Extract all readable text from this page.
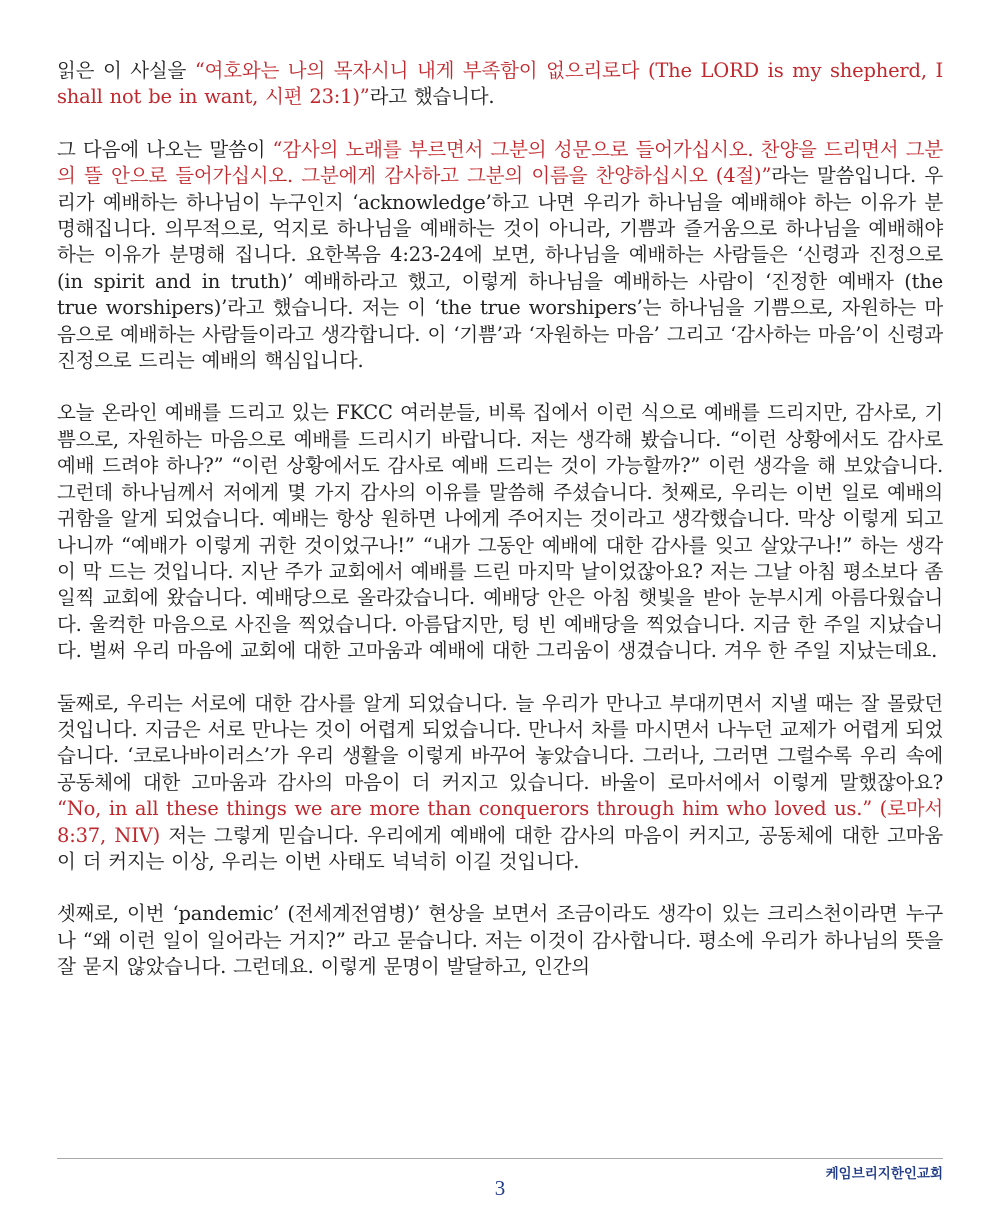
읽은 이 사실을 “여호와는 나의 목자시니 내게 부족함이 없으리로다 (The LORD is my shepherd, I shall not be in want, 시편 23:1)”라고 했습니다.

그 다음에 나오는 말씀이 “감사의 노래를 부르면서 그분의 성문으로 들어가십시오. 찬양을 드리면서 그분의 뜰 안으로 들어가십시오. 그분에게 감사하고 그분의 이름을 찬양하십시오 (4절)”라는 말씀입니다. 우리가 예배하는 하나님이 누구인지 ‘acknowledge’하고 나면 우리가 하나님을 예배해야 하는 이유가 분명해집니다. 의무적으로, 억지로 하나님을 예배하는 것이 아니라, 기쁨과 즐거움으로 하나님을 예배해야 하는 이유가 분명해 집니다. 요한복음 4:23-24에 보면, 하나님을 예배하는 사람들은 ‘신령과 진정으로 (in spirit and in truth)’ 예배하라고 했고, 이렇게 하나님을 예배하는 사람이 ‘진정한 예배자 (the true worshipers)’라고 했습니다. 저는 이 ‘the true worshipers’는 하나님을 기쁨으로, 자원하는 마음으로 예배하는 사람들이라고 생각합니다. 이 ‘기쁨’과 ‘자원하는 마음’ 그리고 ‘감사하는 마음’이 신령과 진정으로 드리는 예배의 핵심입니다.

오늘 온라인 예배를 드리고 있는 FKCC 여러분들, 비록 집에서 이런 식으로 예배를 드리지만, 감사로, 기쁨으로, 자원하는 마음으로 예배를 드리시기 바랍니다. 저는 생각해 봤습니다. “이런 상황에서도 감사로 예배 드려야 하나?” “이런 상황에서도 감사로 예배 드리는 것이 가능할까?” 이런 생각을 해 보았습니다. 그런데 하나님께서 저에게 몇 가지 감사의 이유를 말씀해 주셨습니다. 첫째로, 우리는 이번 일로 예배의 귀함을 알게 되었습니다. 예배는 항상 원하면 나에게 주어지는 것이라고 생각했습니다. 막상 이렇게 되고 나니까 “예배가 이렇게 귀한 것이었구나!” “내가 그동안 예배에 대한 감사를 잊고 살았구나!” 하는 생각이 막 드는 것입니다. 지난 주가 교회에서 예배를 드린 마지막 날이었잖아요? 저는 그날 아침 평소보다 좀 일찍 교회에 왔습니다. 예배당으로 올라갔습니다. 예배당 안은 아침 햇빛을 받아 눈부시게 아름다웠습니다. 울컥한 마음으로 사진을 찍었습니다. 아름답지만, 텅 빈 예배당을 찍었습니다. 지금 한 주일 지났습니다. 벌써 우리 마음에 교회에 대한 고마움과 예배에 대한 그리움이 생겼습니다. 겨우 한 주일 지났는데요.

둘째로, 우리는 서로에 대한 감사를 알게 되었습니다. 늘 우리가 만나고 부대끼면서 지낼 때는 잘 몰랐던 것입니다. 지금은 서로 만나는 것이 어렵게 되었습니다. 만나서 차를 마시면서 나누던 교제가 어렵게 되었습니다. ‘코로나바이러스’가 우리 생활을 이렇게 바꾸어 놓았습니다. 그러나, 그러면 그럴수록 우리 속에 공동체에 대한 고마움과 감사의 마음이 더 커지고 있습니다. 바울이 로마서에서 이렇게 말했잖아요? “No, in all these things we are more than conquerors through him who loved us.” (로마서 8:37, NIV) 저는 그렇게 믿습니다. 우리에게 예배에 대한 감사의 마음이 커지고, 공동체에 대한 고마움이 더 커지는 이상, 우리는 이번 사태도 넉넉히 이길 것입니다.

셋째로, 이번 ‘pandemic’ (전세계전염병)’ 현상을 보면서 조금이라도 생각이 있는 크리스천이라면 누구나 “왜 이런 일이 일어라는 거지?” 라고 묻습니다. 저는 이것이 감사합니다. 평소에 우리가 하나님의 뜻을 잘 묻지 않았습니다. 그런데요. 이렇게 문명이 발달하고, 인간의

케임브리지한인교회
3
